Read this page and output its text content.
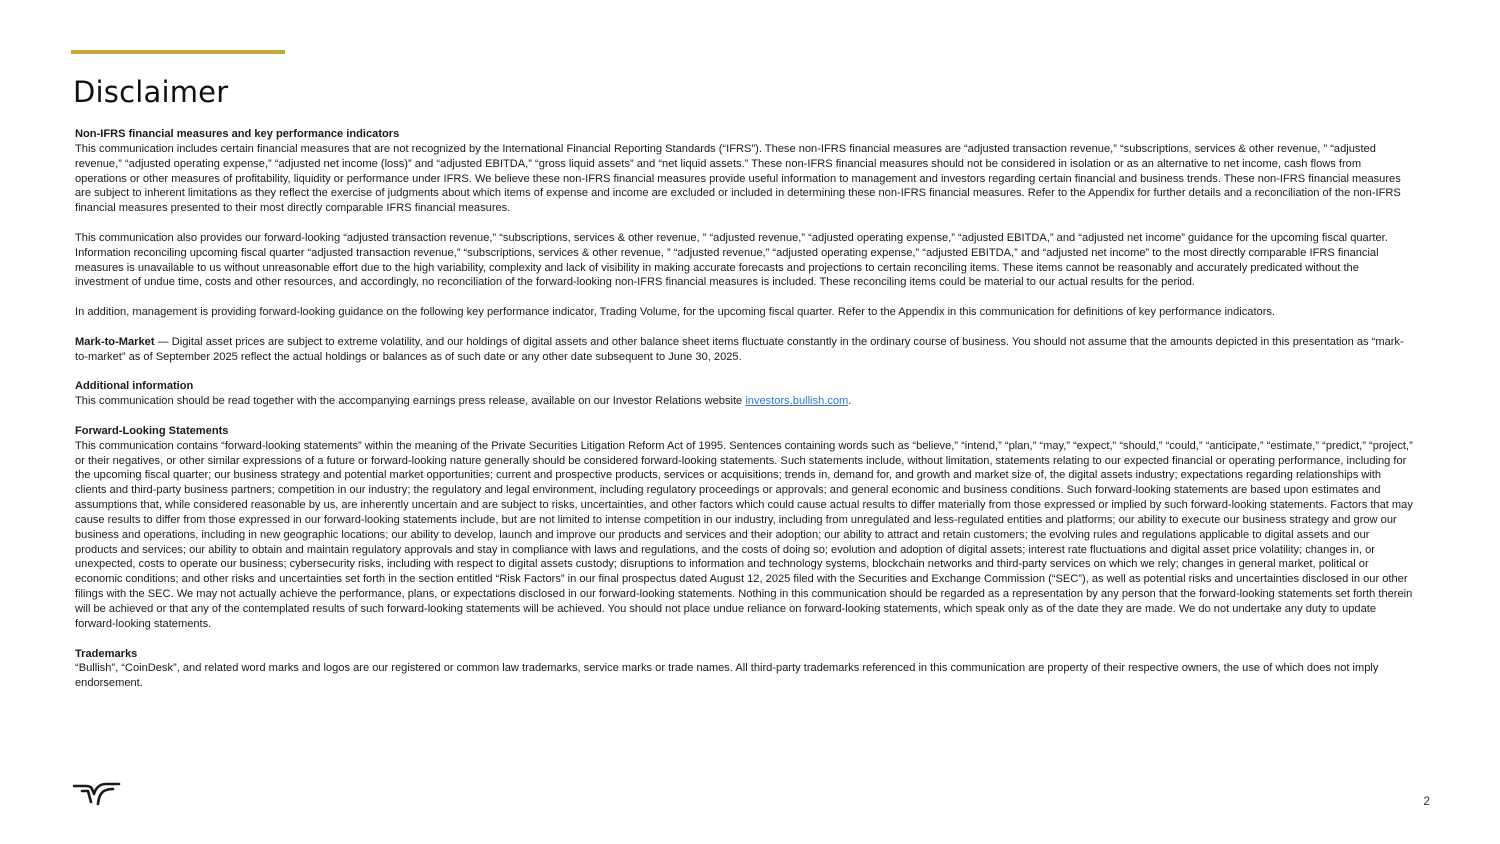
Disclaimer

Non-IFRS financial measures and key performance indicators
This communication includes certain financial measures that are not recognized by the International Financial Reporting Standards (“IFRS”). These non-IFRS financial measures are “adjusted transaction revenue,” “subscriptions, services & other revenue, ” “adjusted revenue,” “adjusted operating expense,” “adjusted net income (loss)” and “adjusted EBITDA,” “gross liquid assets” and “net liquid assets.” These non-IFRS financial measures should not be considered in isolation or as an alternative to net income, cash flows from operations or other measures of profitability, liquidity or performance under IFRS. We believe these non-IFRS financial measures provide useful information to management and investors regarding certain financial and business trends. These non-IFRS financial measures are subject to inherent limitations as they reflect the exercise of judgments about which items of expense and income are excluded or included in determining these non-IFRS financial measures. Refer to the Appendix for further details and a reconciliation of the non-IFRS financial measures presented to their most directly comparable IFRS financial measures.

This communication also provides our forward-looking “adjusted transaction revenue,” “subscriptions, services & other revenue, ” “adjusted revenue,” “adjusted operating expense,” “adjusted EBITDA,” and “adjusted net income” guidance for the upcoming fiscal quarter. Information reconciling upcoming fiscal quarter “adjusted transaction revenue,” “subscriptions, services & other revenue, ” “adjusted revenue,” “adjusted operating expense,” “adjusted EBITDA,” and “adjusted net income” to the most directly comparable IFRS financial measures is unavailable to us without unreasonable effort due to the high variability, complexity and lack of visibility in making accurate forecasts and projections to certain reconciling items. These items cannot be reasonably and accurately predicated without the investment of undue time, costs and other resources, and accordingly, no reconciliation of the forward-looking non-IFRS financial measures is included. These reconciling items could be material to our actual results for the period.

In addition, management is providing forward-looking guidance on the following key performance indicator, Trading Volume, for the upcoming fiscal quarter. Refer to the Appendix in this communication for definitions of key performance indicators.

Mark-to-Market — Digital asset prices are subject to extreme volatility, and our holdings of digital assets and other balance sheet items fluctuate constantly in the ordinary course of business. You should not assume that the amounts depicted in this presentation as “mark-to-market” as of September 2025 reflect the actual holdings or balances as of such date or any other date subsequent to June 30, 2025.

Additional information
This communication should be read together with the accompanying earnings press release, available on our Investor Relations website investors.bullish.com.

Forward-Looking Statements
This communication contains “forward-looking statements” within the meaning of the Private Securities Litigation Reform Act of 1995. Sentences containing words such as “believe,” “intend,” “plan,” “may,” “expect,” “should,” “could,” “anticipate,” “estimate,” “predict,” “project,” or their negatives, or other similar expressions of a future or forward-looking nature generally should be considered forward-looking statements. Such statements include, without limitation, statements relating to our expected financial or operating performance, including for the upcoming fiscal quarter; our business strategy and potential market opportunities; current and prospective products, services or acquisitions; trends in, demand for, and growth and market size of, the digital assets industry; expectations regarding relationships with clients and third-party business partners; competition in our industry; the regulatory and legal environment, including regulatory proceedings or approvals; and general economic and business conditions. Such forward-looking statements are based upon estimates and assumptions that, while considered reasonable by us, are inherently uncertain and are subject to risks, uncertainties, and other factors which could cause actual results to differ materially from those expressed or implied by such forward-looking statements. Factors that may cause results to differ from those expressed in our forward-looking statements include, but are not limited to intense competition in our industry, including from unregulated and less-regulated entities and platforms; our ability to execute our business strategy and grow our business and operations, including in new geographic locations; our ability to develop, launch and improve our products and services and their adoption; our ability to attract and retain customers; the evolving rules and regulations applicable to digital assets and our products and services; our ability to obtain and maintain regulatory approvals and stay in compliance with laws and regulations, and the costs of doing so; evolution and adoption of digital assets; interest rate fluctuations and digital asset price volatility; changes in, or unexpected, costs to operate our business; cybersecurity risks, including with respect to digital assets custody; disruptions to information and technology systems, blockchain networks and third-party services on which we rely; changes in general market, political or economic conditions; and other risks and uncertainties set forth in the section entitled “Risk Factors” in our final prospectus dated August 12, 2025 filed with the Securities and Exchange Commission (“SEC”), as well as potential risks and uncertainties disclosed in our other filings with the SEC. We may not actually achieve the performance, plans, or expectations disclosed in our forward-looking statements. Nothing in this communication should be regarded as a representation by any person that the forward-looking statements set forth therein will be achieved or that any of the contemplated results of such forward-looking statements will be achieved. You should not place undue reliance on forward-looking statements, which speak only as of the date they are made. We do not undertake any duty to update forward-looking statements.

Trademarks
“Bullish”, “CoinDesk”, and related word marks and logos are our registered or common law trademarks, service marks or trade names. All third-party trademarks referenced in this communication are property of their respective owners, the use of which does not imply endorsement.

2
